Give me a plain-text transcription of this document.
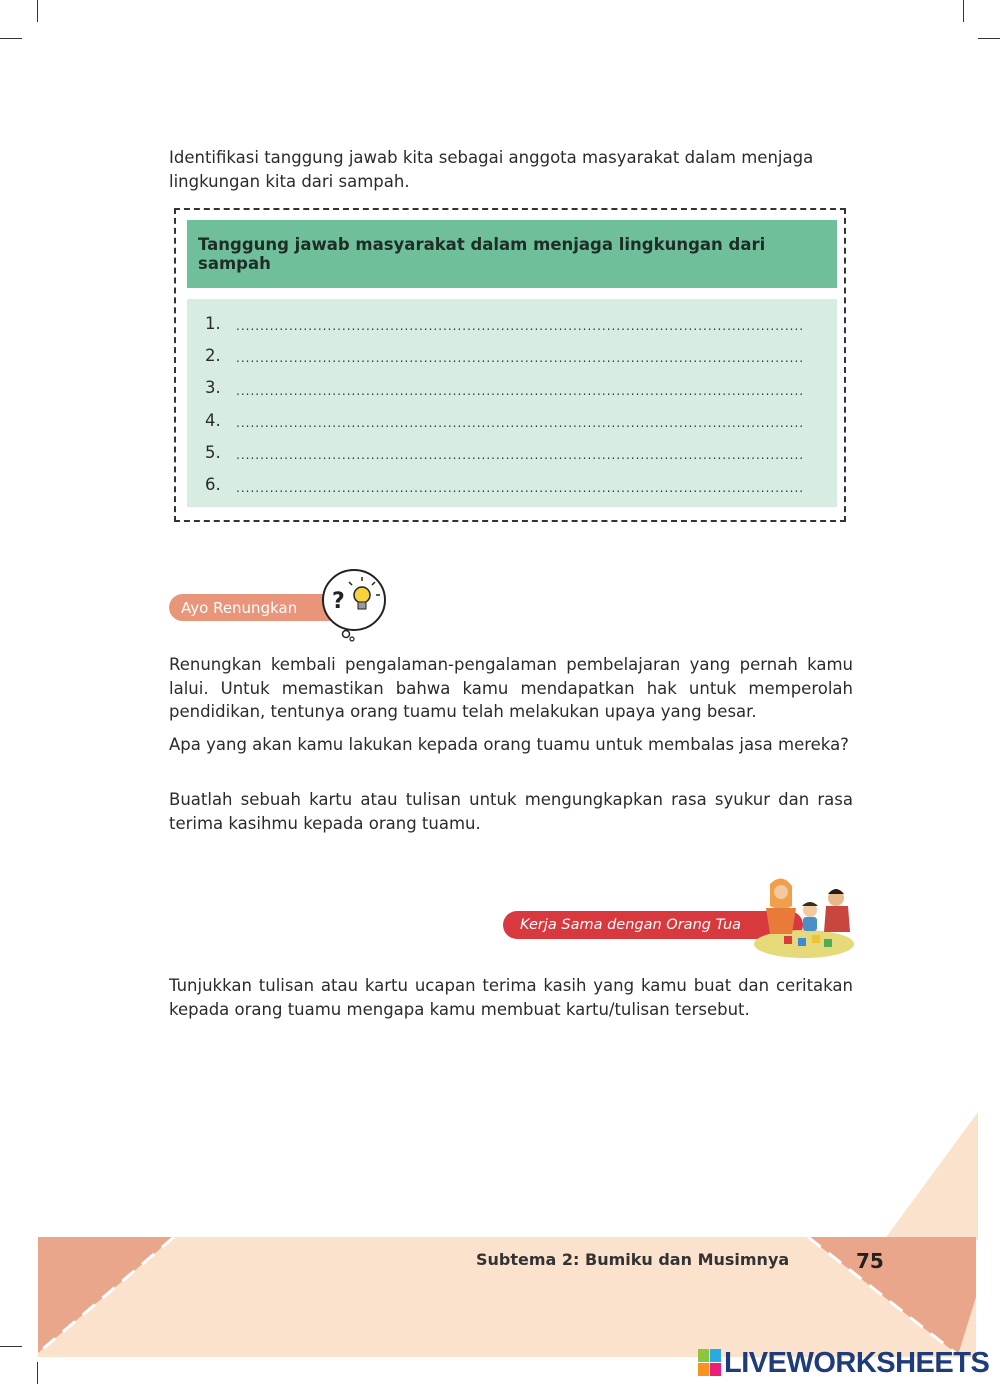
Identifikasi tanggung jawab kita sebagai anggota masyarakat dalam menjaga
lingkungan kita dari sampah.

Tanggung jawab masyarakat dalam menjaga lingkungan dari sampah
1.	......................................................................................................................
2.	......................................................................................................................
3.	......................................................................................................................
4.	......................................................................................................................
5.	......................................................................................................................
6.	......................................................................................................................
Ayo Renungkan ?

Renungkan kembali pengalaman-pengalaman pembelajaran yang pernah kamu lalui. Untuk memastikan bahwa kamu mendapatkan hak untuk memperolah pendidikan, tentunya orang tuamu telah melakukan upaya yang besar.

Apa yang akan kamu lakukan kepada orang tuamu untuk membalas jasa mereka?

Buatlah sebuah kartu atau tulisan untuk mengungkapkan rasa syukur dan rasa terima kasihmu kepada orang tuamu.

Kerja Sama dengan Orang Tua

Tunjukkan tulisan atau kartu ucapan terima kasih yang kamu buat dan ceritakan kepada orang tuamu mengapa kamu membuat kartu/tulisan tersebut.

Subtema 2: Bumiku dan Musimnya	75
LIVEWORKSHEETS
